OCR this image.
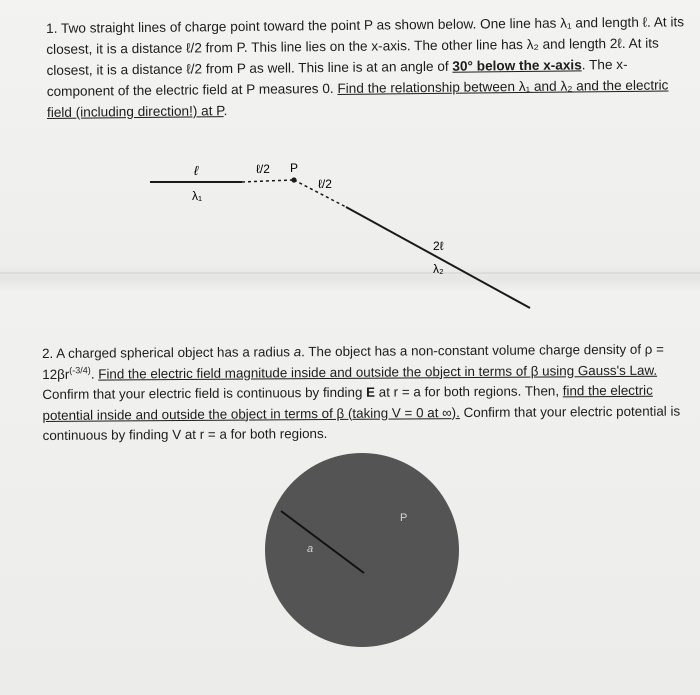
1. Two straight lines of charge point toward the point P as shown below. One line has λ₁ and length ℓ. At its closest, it is a distance ℓ/2 from P. This line lies on the x-axis. The other line has λ₂ and length 2ℓ. At its closest, it is a distance ℓ/2 from P as well. This line is at an angle of 30° below the x-axis. The x-component of the electric field at P measures 0. Find the relationship between λ₁ and λ₂ and the electric field (including direction!) at P.
ℓ
λ₁
ℓ/2 P
ℓ/2
2ℓ
λ₂
2. A charged spherical object has a radius a. The object has a non-constant volume charge density of $\rho = 12\beta r^{(-3/4)}$. Find the electric field magnitude inside and outside the object in terms of β using Gauss's Law. Confirm that your electric field is continuous by finding E at r = a for both regions. Then, find the electric potential inside and outside the object in terms of β (taking V = 0 at ∞). Confirm that your electric potential is continuous by finding V at r = a for both regions.
a
P
